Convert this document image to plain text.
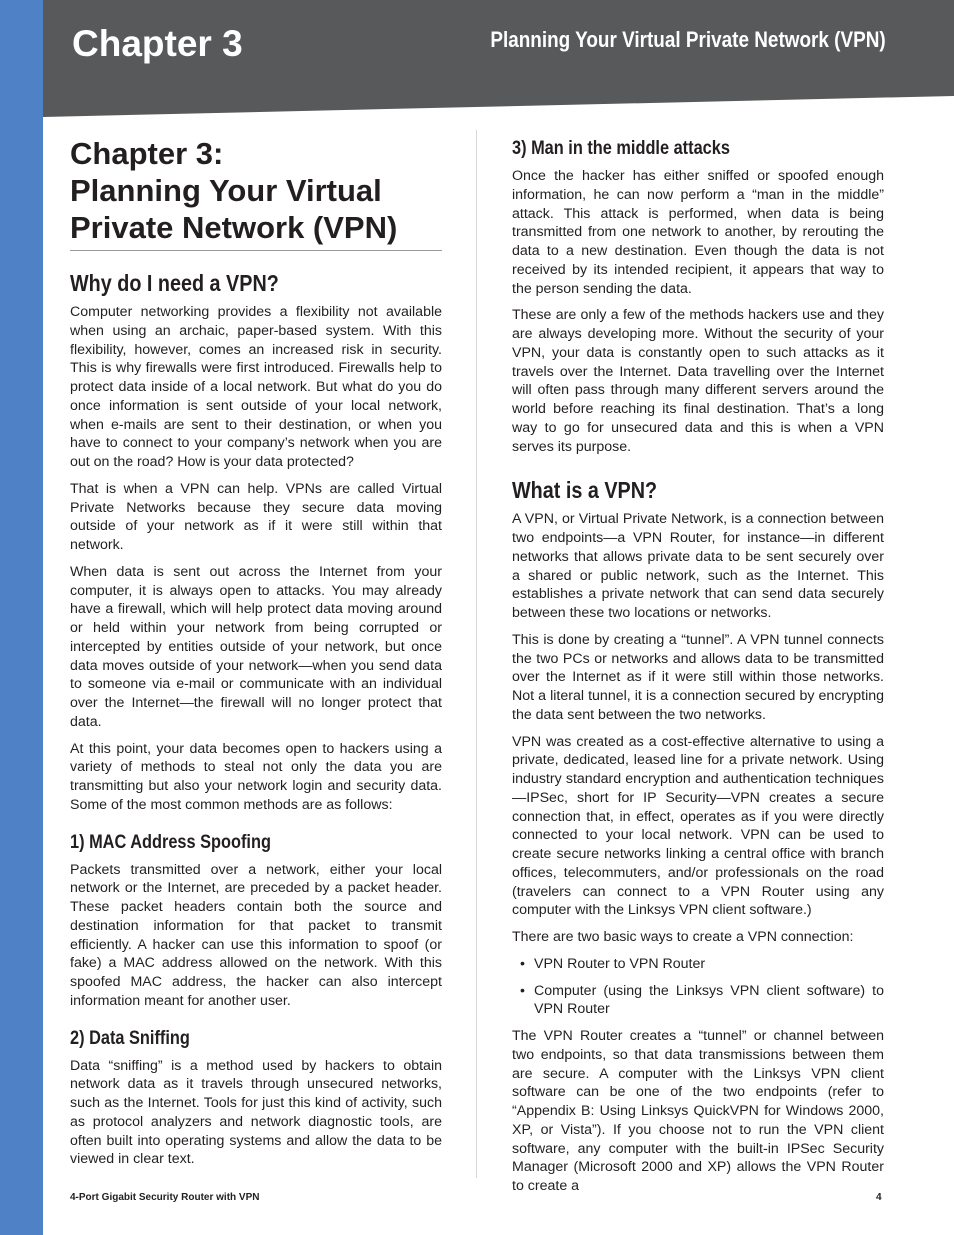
Chapter 3	Planning Your Virtual Private Network (VPN)
Chapter 3:
Planning Your Virtual
Private Network (VPN)
Why do I need a VPN?

Computer networking provides a flexibility not available when using an archaic, paper-based system. With this flexibility, however, comes an increased risk in security. This is why firewalls were first introduced. Firewalls help to protect data inside of a local network. But what do you do once information is sent outside of your local network, when e-mails are sent to their destination, or when you have to connect to your company’s network when you are out on the road? How is your data protected?

That is when a VPN can help. VPNs are called Virtual Private Networks because they secure data moving outside of your network as if it were still within that network.

When data is sent out across the Internet from your computer, it is always open to attacks. You may already have a firewall, which will help protect data moving around or held within your network from being corrupted or intercepted by entities outside of your network, but once data moves outside of your network—when you send data to someone via e-mail or communicate with an individual over the Internet—the firewall will no longer protect that data.

At this point, your data becomes open to hackers using a variety of methods to steal not only the data you are transmitting but also your network login and security data. Some of the most common methods are as follows:

1) MAC Address Spoofing

Packets transmitted over a network, either your local network or the Internet, are preceded by a packet header. These packet headers contain both the source and destination information for that packet to transmit efficiently. A hacker can use this information to spoof (or fake) a MAC address allowed on the network. With this spoofed MAC address, the hacker can also intercept information meant for another user.

2) Data Sniffing

Data “sniffing” is a method used by hackers to obtain network data as it travels through unsecured networks, such as the Internet. Tools for just this kind of activity, such as protocol analyzers and network diagnostic tools, are often built into operating systems and allow the data to be viewed in clear text.

3) Man in the middle attacks

Once the hacker has either sniffed or spoofed enough information, he can now perform a “man in the middle” attack. This attack is performed, when data is being transmitted from one network to another, by rerouting the data to a new destination. Even though the data is not received by its intended recipient, it appears that way to the person sending the data.

These are only a few of the methods hackers use and they are always developing more. Without the security of your VPN, your data is constantly open to such attacks as it travels over the Internet. Data travelling over the Internet will often pass through many different servers around the world before reaching its final destination. That’s a long way to go for unsecured data and this is when a VPN serves its purpose.

What is a VPN?

A VPN, or Virtual Private Network, is a connection between two endpoints—a VPN Router, for instance—in different networks that allows private data to be sent securely over a shared or public network, such as the Internet. This establishes a private network that can send data securely between these two locations or networks.

This is done by creating a “tunnel”. A VPN tunnel connects the two PCs or networks and allows data to be transmitted over the Internet as if it were still within those networks. Not a literal tunnel, it is a connection secured by encrypting the data sent between the two networks.

VPN was created as a cost-effective alternative to using a private, dedicated, leased line for a private network. Using industry standard encryption and authentication techniques—IPSec, short for IP Security—VPN creates a secure connection that, in effect, operates as if you were directly connected to your local network. VPN can be used to create secure networks linking a central office with branch offices, telecommuters, and/or professionals on the road (travelers can connect to a VPN Router using any computer with the Linksys VPN client software.)

There are two basic ways to create a VPN connection:

• VPN Router to VPN Router
• Computer (using the Linksys VPN client software) to VPN Router

The VPN Router creates a “tunnel” or channel between two endpoints, so that data transmissions between them are secure. A computer with the Linksys VPN client software can be one of the two endpoints (refer to “Appendix B: Using Linksys QuickVPN for Windows 2000, XP, or Vista”). If you choose not to run the VPN client software, any computer with the built-in IPSec Security Manager (Microsoft 2000 and XP) allows the VPN Router to create a

4-Port Gigabit Security Router with VPN	4
